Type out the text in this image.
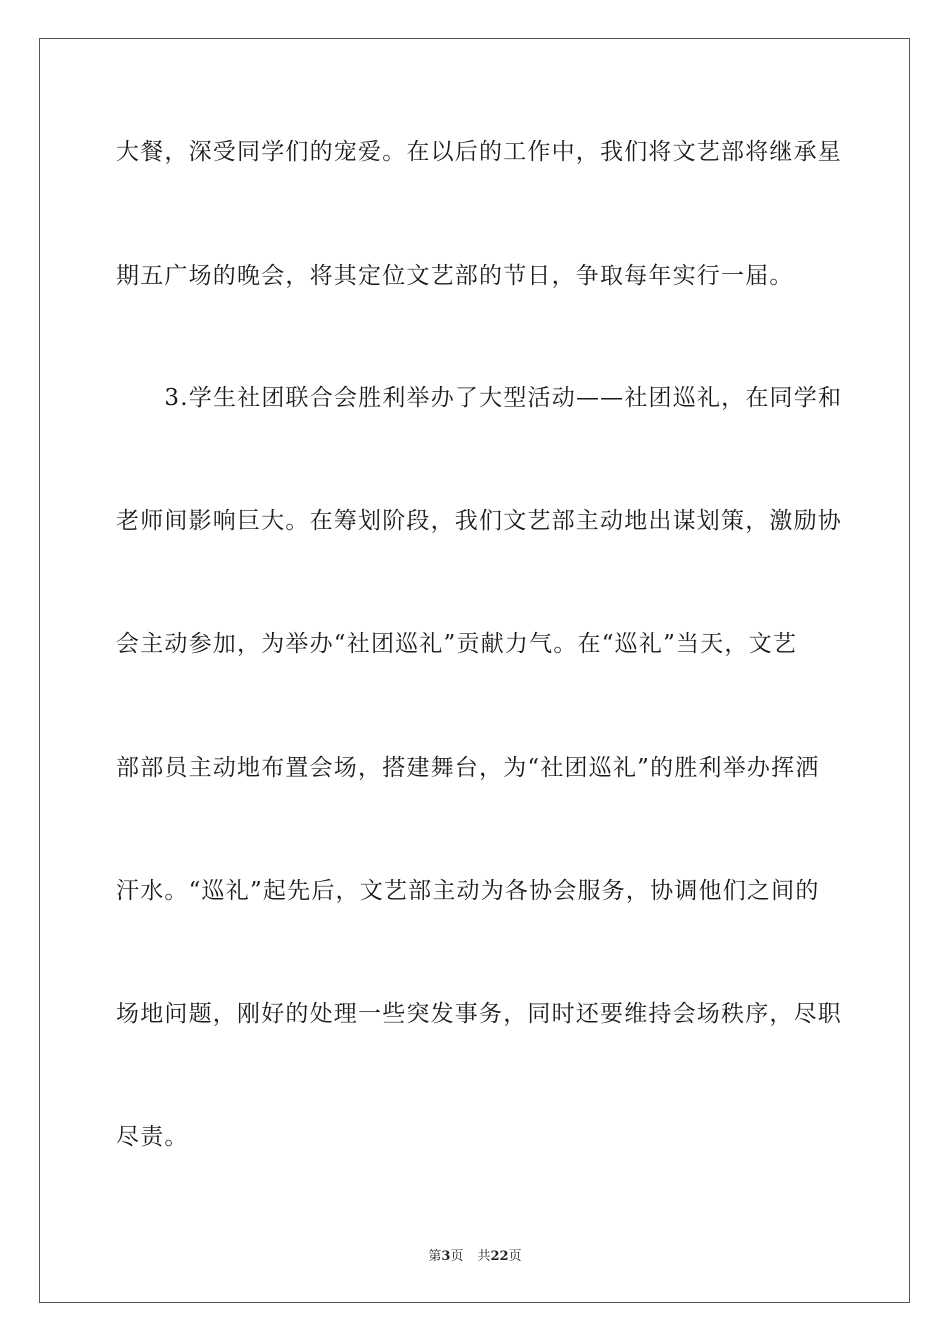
大餐，深受同学们的宠爱。在以后的工作中，我们将文艺部将继承星

期五广场的晚会，将其定位文艺部的节日，争取每年实行一届。

　　3.学生社团联合会胜利举办了大型活动——社团巡礼，在同学和

老师间影响巨大。在筹划阶段，我们文艺部主动地出谋划策，激励协

会主动参加，为举办“社团巡礼”贡献力气。在“巡礼”当天，文艺

部部员主动地布置会场，搭建舞台，为“社团巡礼”的胜利举办挥洒

汗水。“巡礼”起先后，文艺部主动为各协会服务，协调他们之间的

场地问题，刚好的处理一些突发事务，同时还要维持会场秩序，尽职

尽责。

第3页 共22页
